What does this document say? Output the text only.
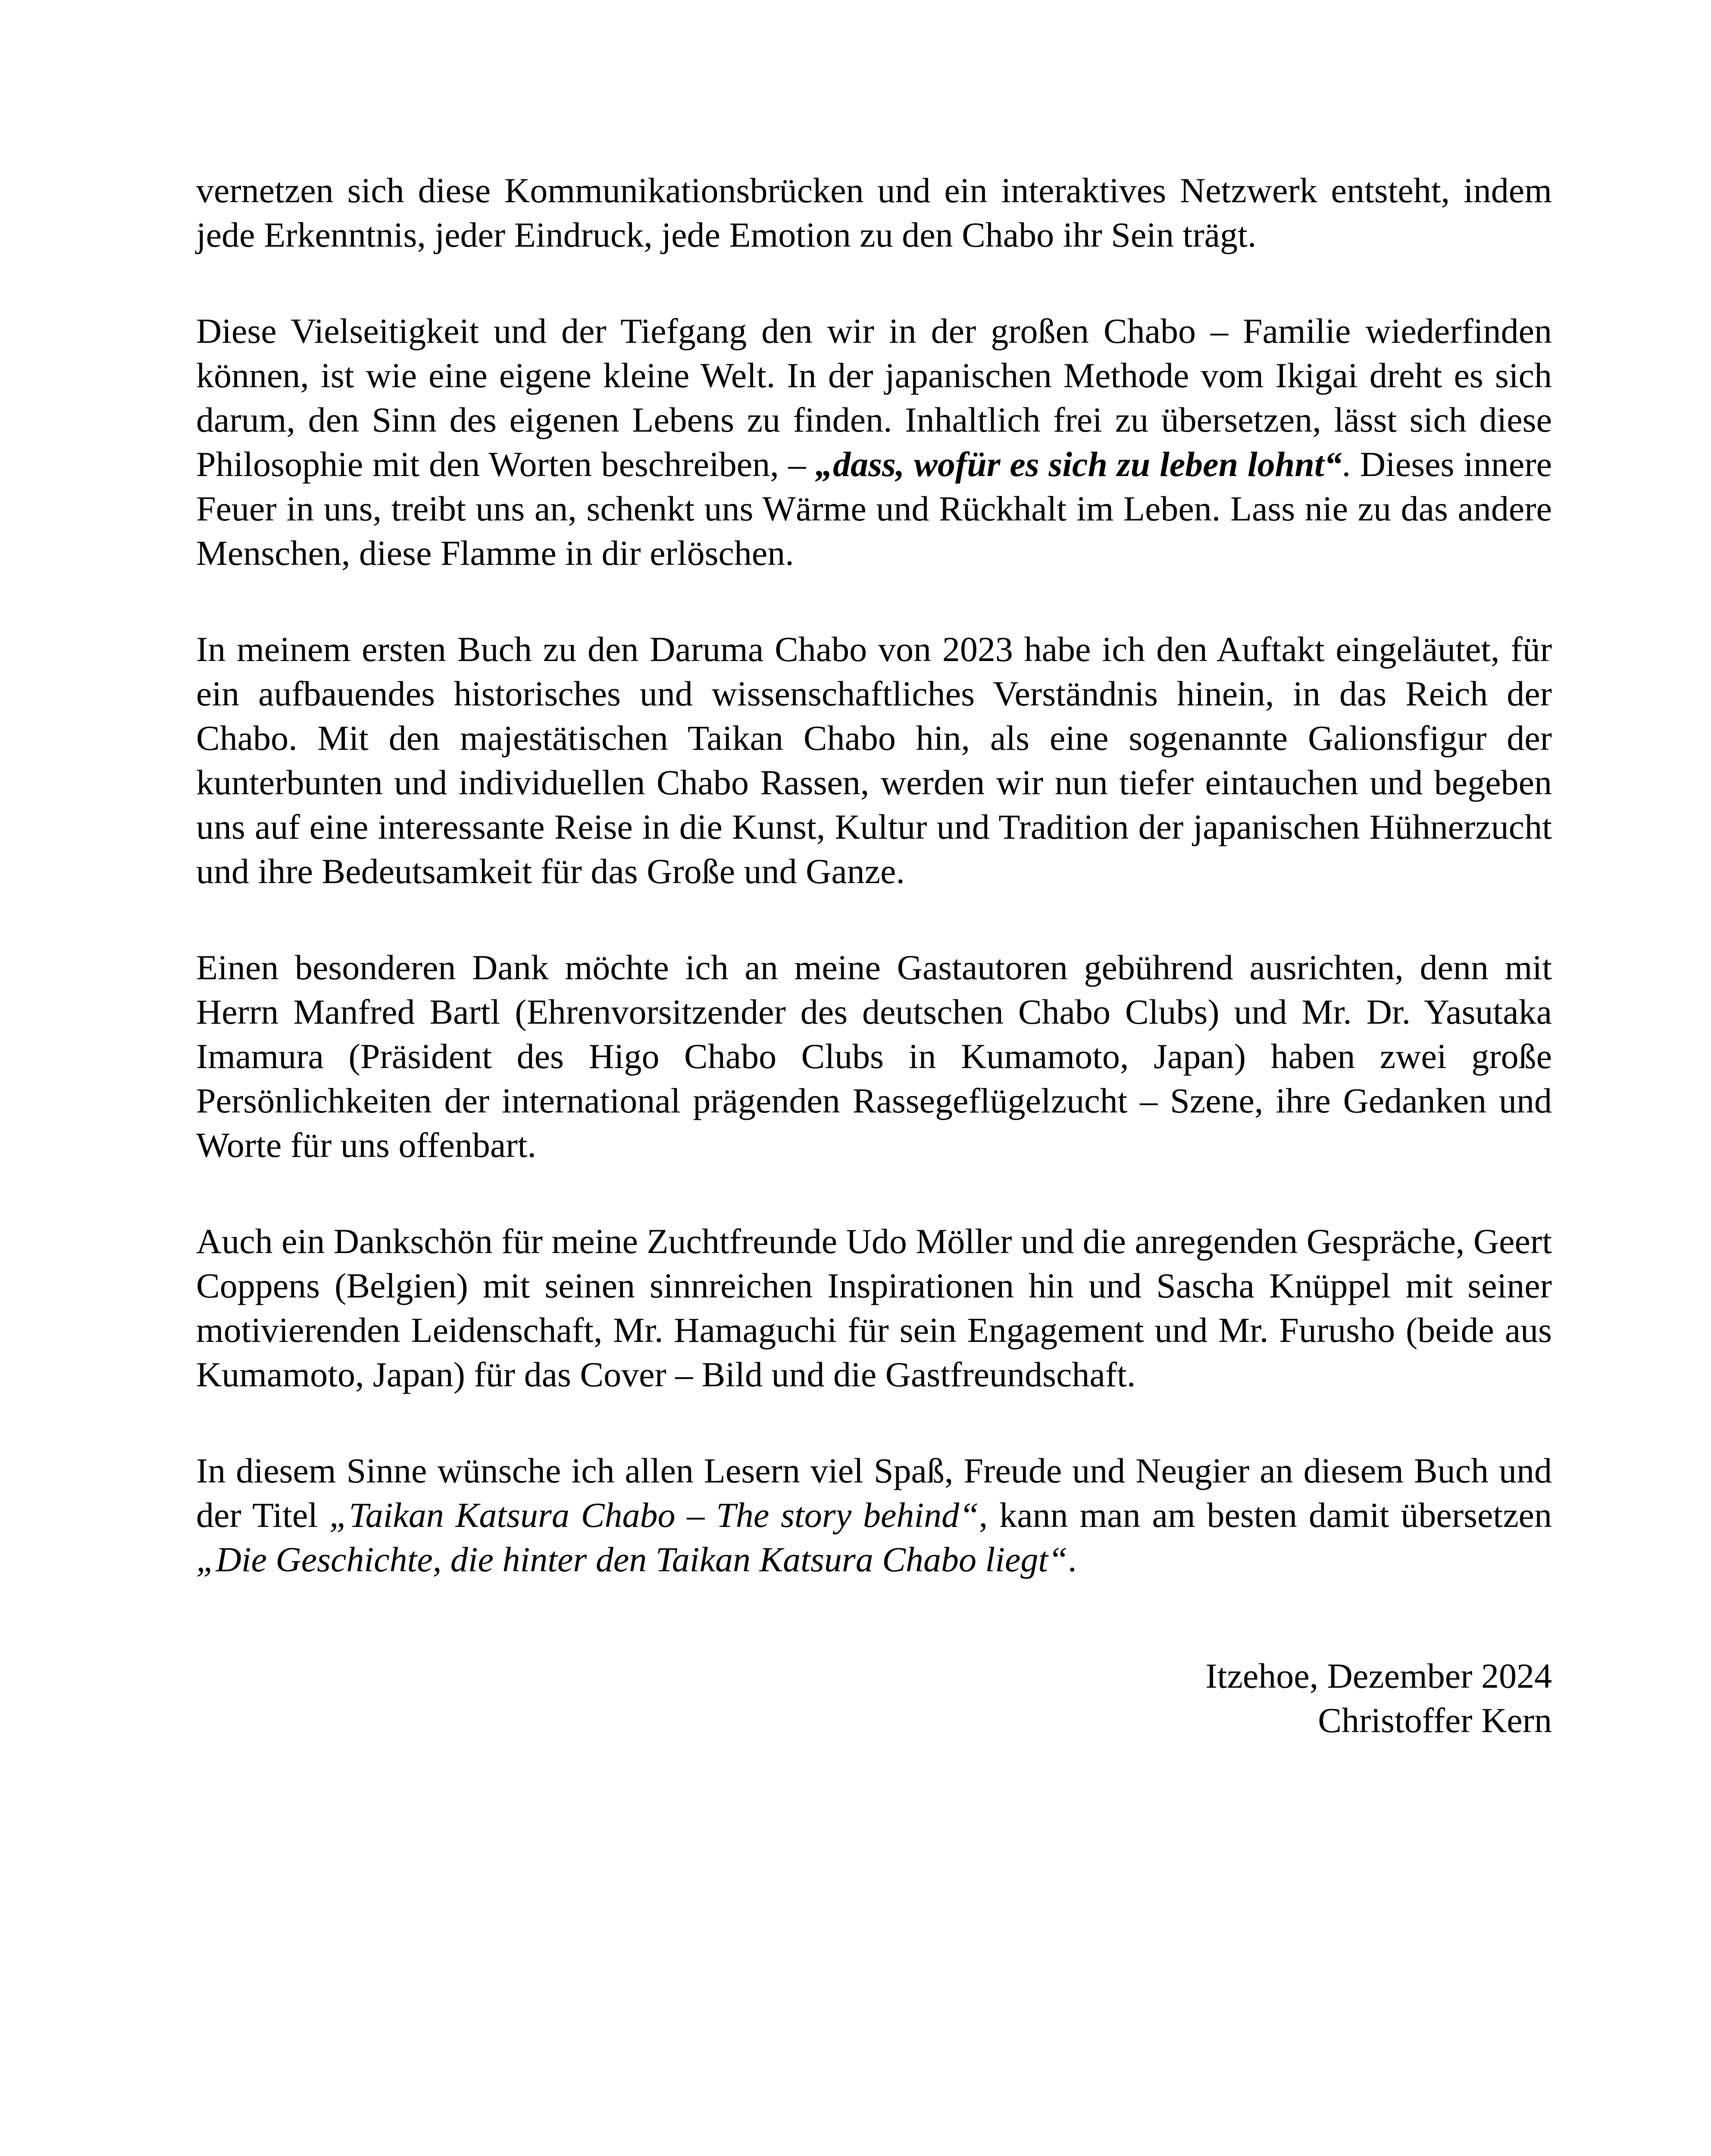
vernetzen sich diese Kommunikationsbrücken und ein interaktives Netzwerk entsteht, indem jede Erkenntnis, jeder Eindruck, jede Emotion zu den Chabo ihr Sein trägt.

Diese Vielseitigkeit und der Tiefgang den wir in der großen Chabo – Familie wiederfinden können, ist wie eine eigene kleine Welt. In der japanischen Methode vom Ikigai dreht es sich darum, den Sinn des eigenen Lebens zu finden. Inhaltlich frei zu übersetzen, lässt sich diese Philosophie mit den Worten beschreiben, – „dass, wofür es sich zu leben lohnt“. Dieses innere Feuer in uns, treibt uns an, schenkt uns Wärme und Rückhalt im Leben. Lass nie zu das andere Menschen, diese Flamme in dir erlöschen.

In meinem ersten Buch zu den Daruma Chabo von 2023 habe ich den Auftakt eingeläutet, für ein aufbauendes historisches und wissenschaftliches Verständnis hinein, in das Reich der Chabo. Mit den majestätischen Taikan Chabo hin, als eine sogenannte Galionsfigur der kunterbunten und individuellen Chabo Rassen, werden wir nun tiefer eintauchen und begeben uns auf eine interessante Reise in die Kunst, Kultur und Tradition der japanischen Hühnerzucht und ihre Bedeutsamkeit für das Große und Ganze.

Einen besonderen Dank möchte ich an meine Gastautoren gebührend ausrichten, denn mit Herrn Manfred Bartl (Ehrenvorsitzender des deutschen Chabo Clubs) und Mr. Dr. Yasutaka Imamura (Präsident des Higo Chabo Clubs in Kumamoto, Japan) haben zwei große Persönlichkeiten der international prägenden Rassegeflügelzucht – Szene, ihre Gedanken und Worte für uns offenbart.

Auch ein Dankschön für meine Zuchtfreunde Udo Möller und die anregenden Gespräche, Geert Coppens (Belgien) mit seinen sinnreichen Inspirationen hin und Sascha Knüppel mit seiner motivierenden Leidenschaft, Mr. Hamaguchi für sein Engagement und Mr. Furusho (beide aus Kumamoto, Japan) für das Cover – Bild und die Gastfreundschaft.

In diesem Sinne wünsche ich allen Lesern viel Spaß, Freude und Neugier an diesem Buch und der Titel „Taikan Katsura Chabo – The story behind“, kann man am besten damit übersetzen „Die Geschichte, die hinter den Taikan Katsura Chabo liegt“.

Itzehoe, Dezember 2024
Christoffer Kern
